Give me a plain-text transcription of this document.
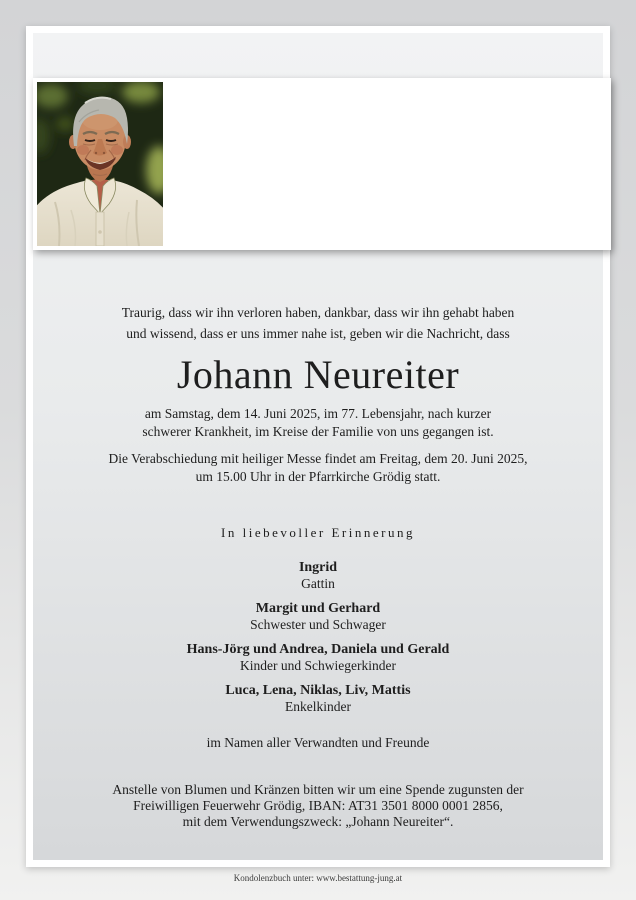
Traurig, dass wir ihn verloren haben, dankbar, dass wir ihn gehabt haben
und wissend, dass er uns immer nahe ist, geben wir die Nachricht, dass
Johann Neureiter
am Samstag, dem 14. Juni 2025, im 77. Lebensjahr, nach kurzer
schwerer Krankheit, im Kreise der Familie von uns gegangen ist.
Die Verabschiedung mit heiliger Messe findet am Freitag, dem 20. Juni 2025,
um 15.00 Uhr in der Pfarrkirche Grödig statt.
In liebevoller Erinnerung
Ingrid
Gattin
Margit und Gerhard
Schwester und Schwager
Hans-Jörg und Andrea, Daniela und Gerald
Kinder und Schwiegerkinder
Luca, Lena, Niklas, Liv, Mattis
Enkelkinder
im Namen aller Verwandten und Freunde
Anstelle von Blumen und Kränzen bitten wir um eine Spende zugunsten der
Freiwilligen Feuerwehr Grödig, IBAN: AT31 3501 8000 0001 2856,
mit dem Verwendungszweck: „Johann Neureiter“.
Kondolenzbuch unter: www.bestattung-jung.at
